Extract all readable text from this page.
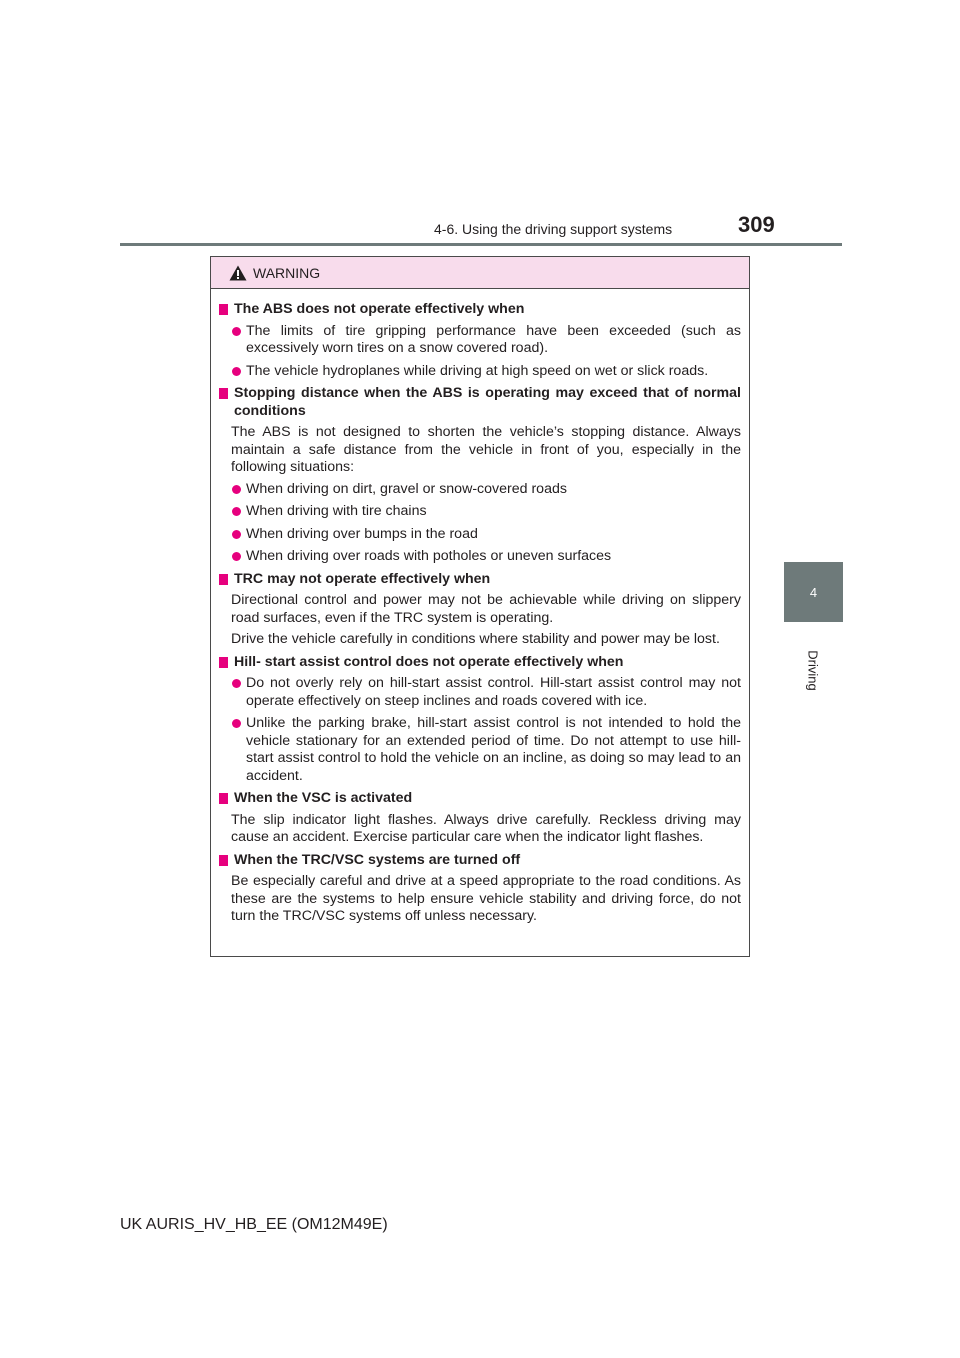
4-6. Using the driving support systems	309
4
Driving
WARNING
The ABS does not operate effectively when
The limits of tire gripping performance have been exceeded (such as excessively worn tires on a snow covered road).
The vehicle hydroplanes while driving at high speed on wet or slick roads.
Stopping distance when the ABS is operating may exceed that of normal conditions
The ABS is not designed to shorten the vehicle’s stopping distance. Always maintain a safe distance from the vehicle in front of you, especially in the following situations:
When driving on dirt, gravel or snow-covered roads
When driving with tire chains
When driving over bumps in the road
When driving over roads with potholes or uneven surfaces
TRC may not operate effectively when
Directional control and power may not be achievable while driving on slippery road surfaces, even if the TRC system is operating.
Drive the vehicle carefully in conditions where stability and power may be lost.
Hill- start assist control does not operate effectively when
Do not overly rely on hill-start assist control. Hill-start assist control may not operate effectively on steep inclines and roads covered with ice.
Unlike the parking brake, hill-start assist control is not intended to hold the vehicle stationary for an extended period of time. Do not attempt to use hill-start assist control to hold the vehicle on an incline, as doing so may lead to an accident.
When the VSC is activated
The slip indicator light flashes. Always drive carefully. Reckless driving may cause an accident. Exercise particular care when the indicator light flashes.
When the TRC/VSC systems are turned off
Be especially careful and drive at a speed appropriate to the road conditions. As these are the systems to help ensure vehicle stability and driving force, do not turn the TRC/VSC systems off unless necessary.
UK AURIS_HV_HB_EE (OM12M49E)
